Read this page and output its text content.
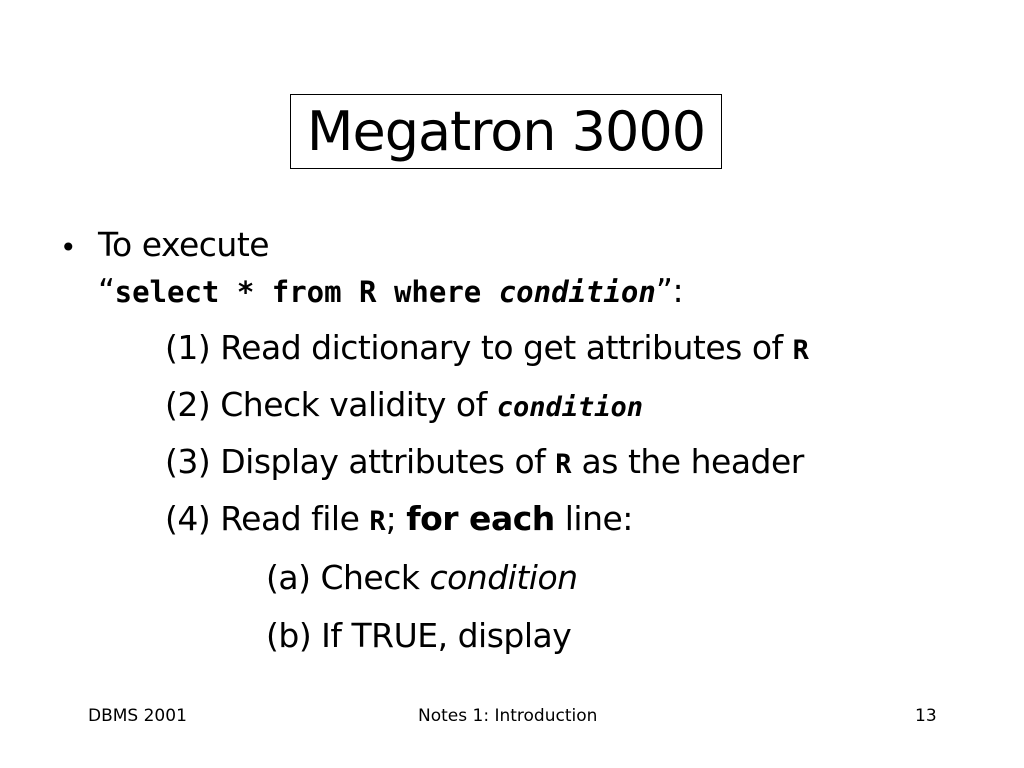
Megatron 3000
• To execute
“select * from R where condition”:
(1) Read dictionary to get attributes of R
(2) Check validity of condition
(3) Display attributes of R as the header
(4) Read file R; for each line:
(a) Check condition
(b) If TRUE, display
DBMS 2001	Notes 1: Introduction	13
